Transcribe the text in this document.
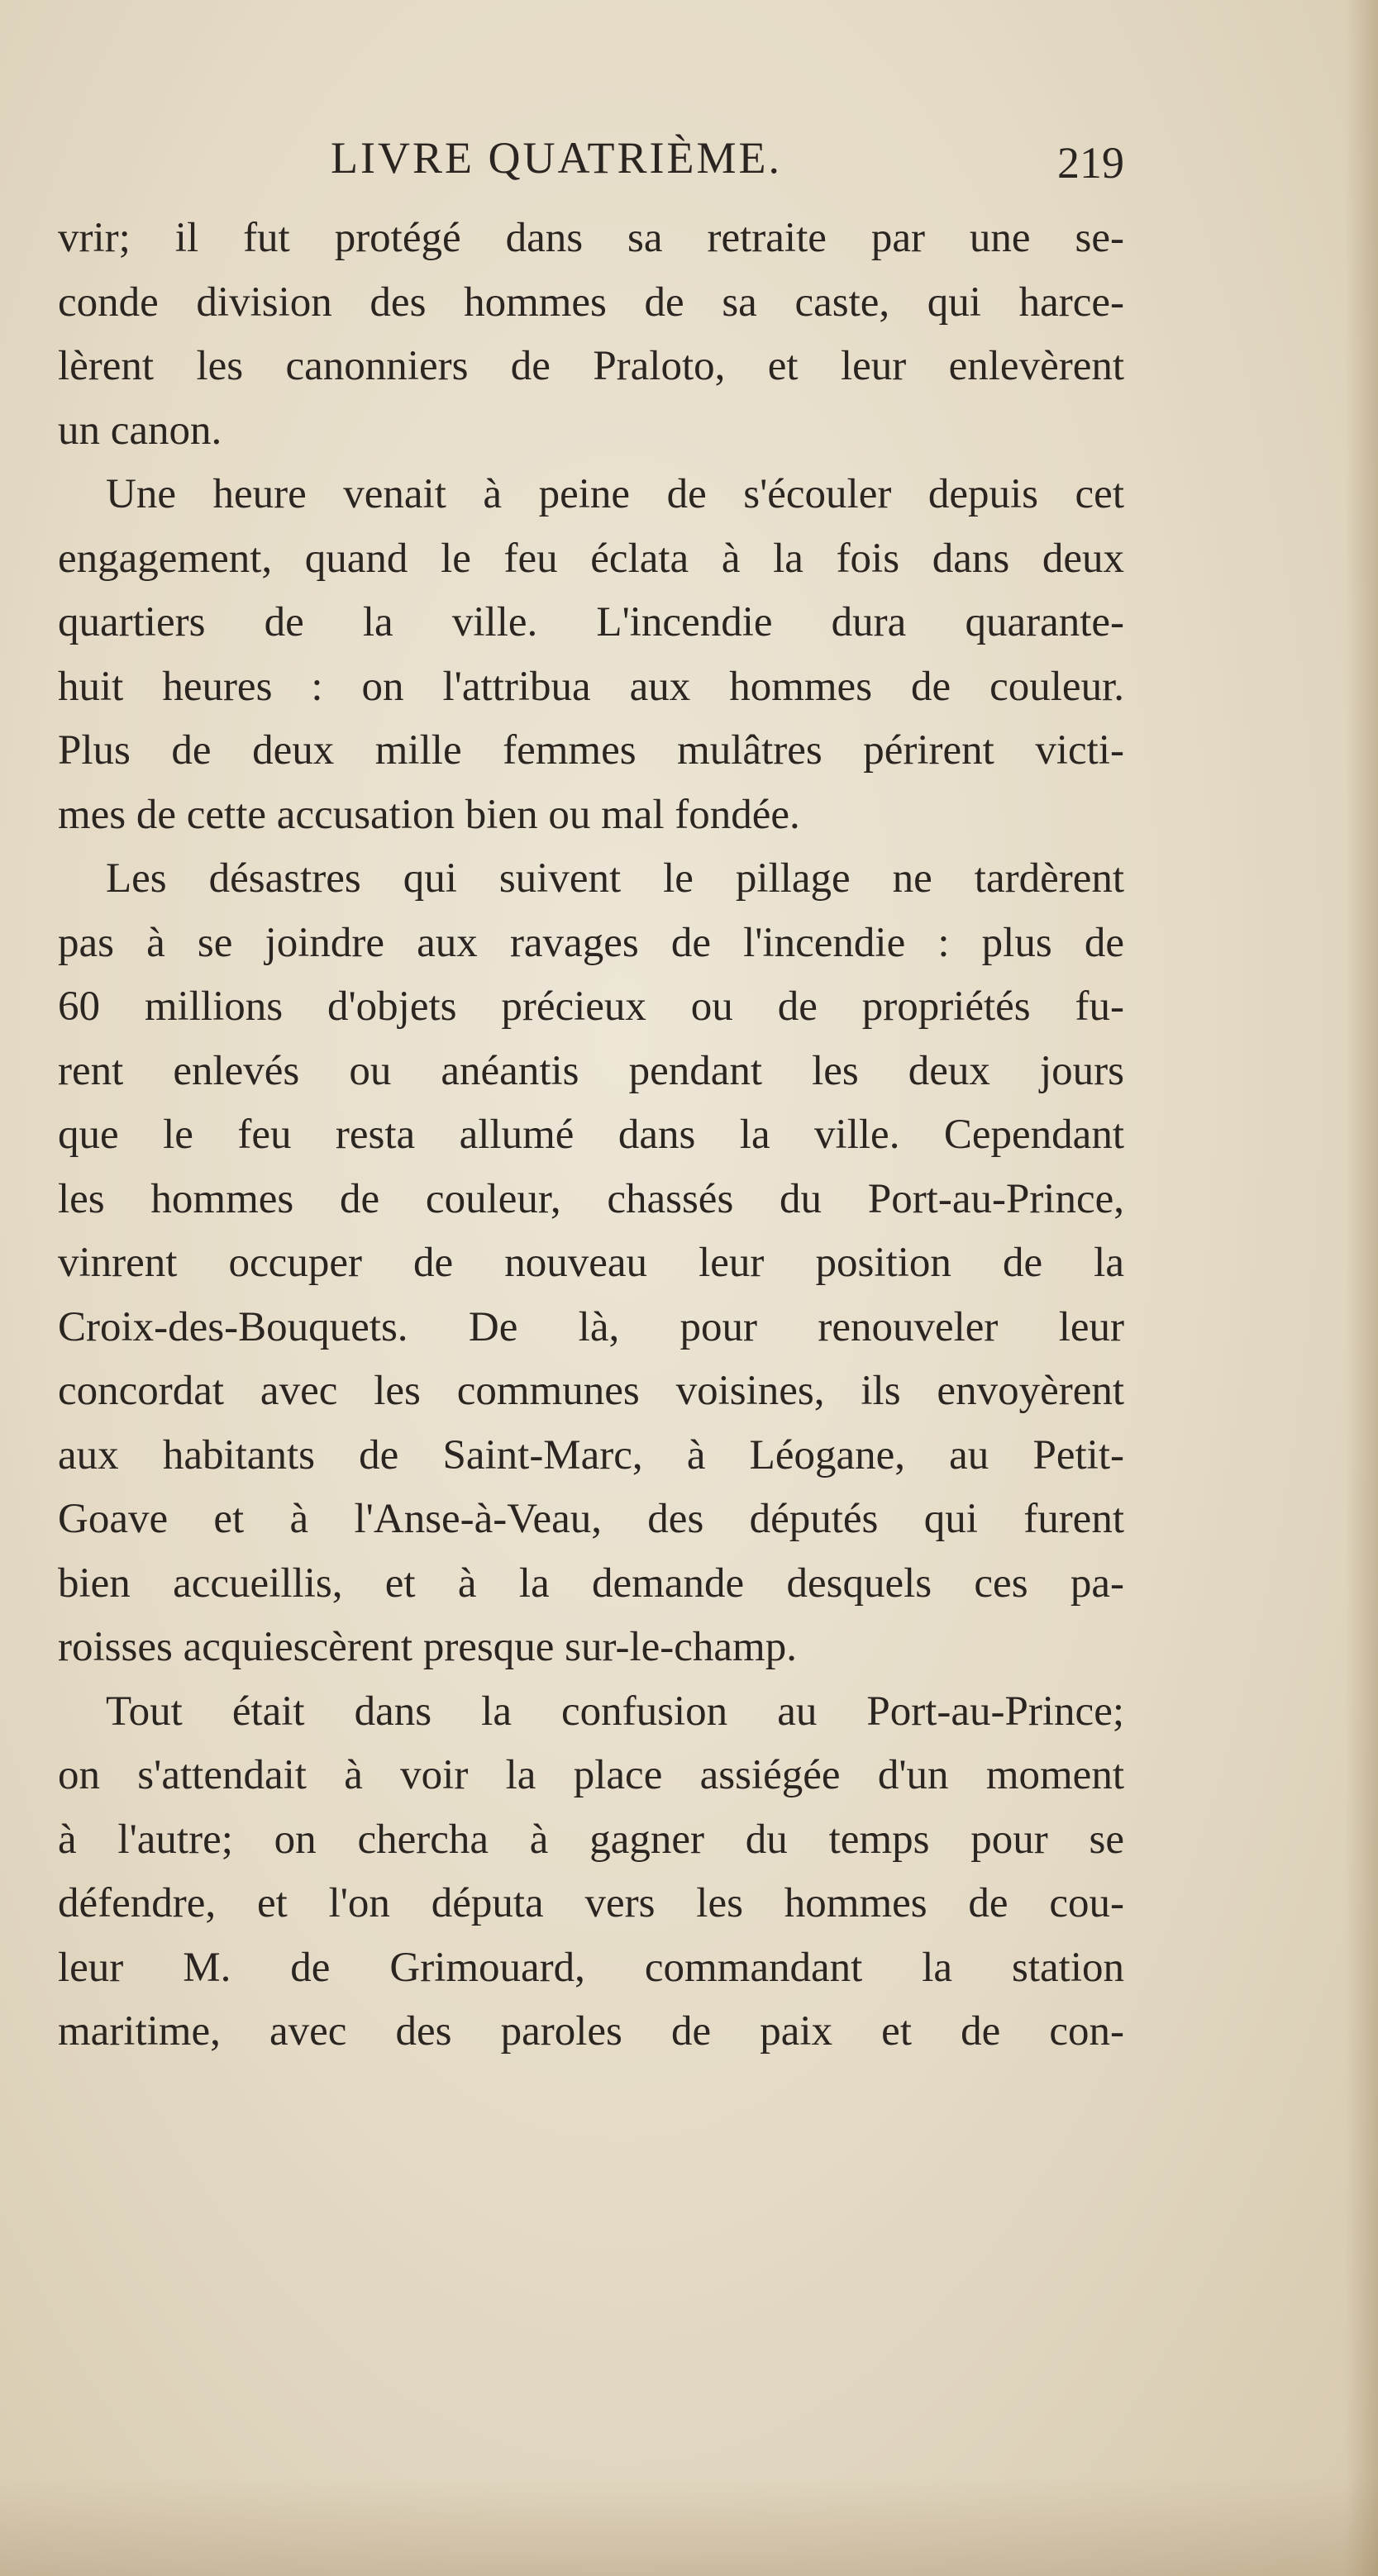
LIVRE QUATRIÈME.	219
vrir; il fut protégé dans sa retraite par une se-
conde division des hommes de sa caste, qui harce-
lèrent les canonniers de Praloto, et leur enlevèrent
un canon.
Une heure venait à peine de s'écouler depuis cet
engagement, quand le feu éclata à la fois dans deux
quartiers de la ville. L'incendie dura quarante-
huit heures : on l'attribua aux hommes de couleur.
Plus de deux mille femmes mulâtres périrent victi-
mes de cette accusation bien ou mal fondée.
Les désastres qui suivent le pillage ne tardèrent
pas à se joindre aux ravages de l'incendie : plus de
60 millions d'objets précieux ou de propriétés fu-
rent enlevés ou anéantis pendant les deux jours
que le feu resta allumé dans la ville. Cependant
les hommes de couleur, chassés du Port-au-Prince,
vinrent occuper de nouveau leur position de la
Croix-des-Bouquets. De là, pour renouveler leur
concordat avec les communes voisines, ils envoyèrent
aux habitants de Saint-Marc, à Léogane, au Petit-
Goave et à l'Anse-à-Veau, des députés qui furent
bien accueillis, et à la demande desquels ces pa-
roisses acquiescèrent presque sur-le-champ.
Tout était dans la confusion au Port-au-Prince;
on s'attendait à voir la place assiégée d'un moment
à l'autre; on chercha à gagner du temps pour se
défendre, et l'on députa vers les hommes de cou-
leur M. de Grimouard, commandant la station
maritime, avec des paroles de paix et de con-
